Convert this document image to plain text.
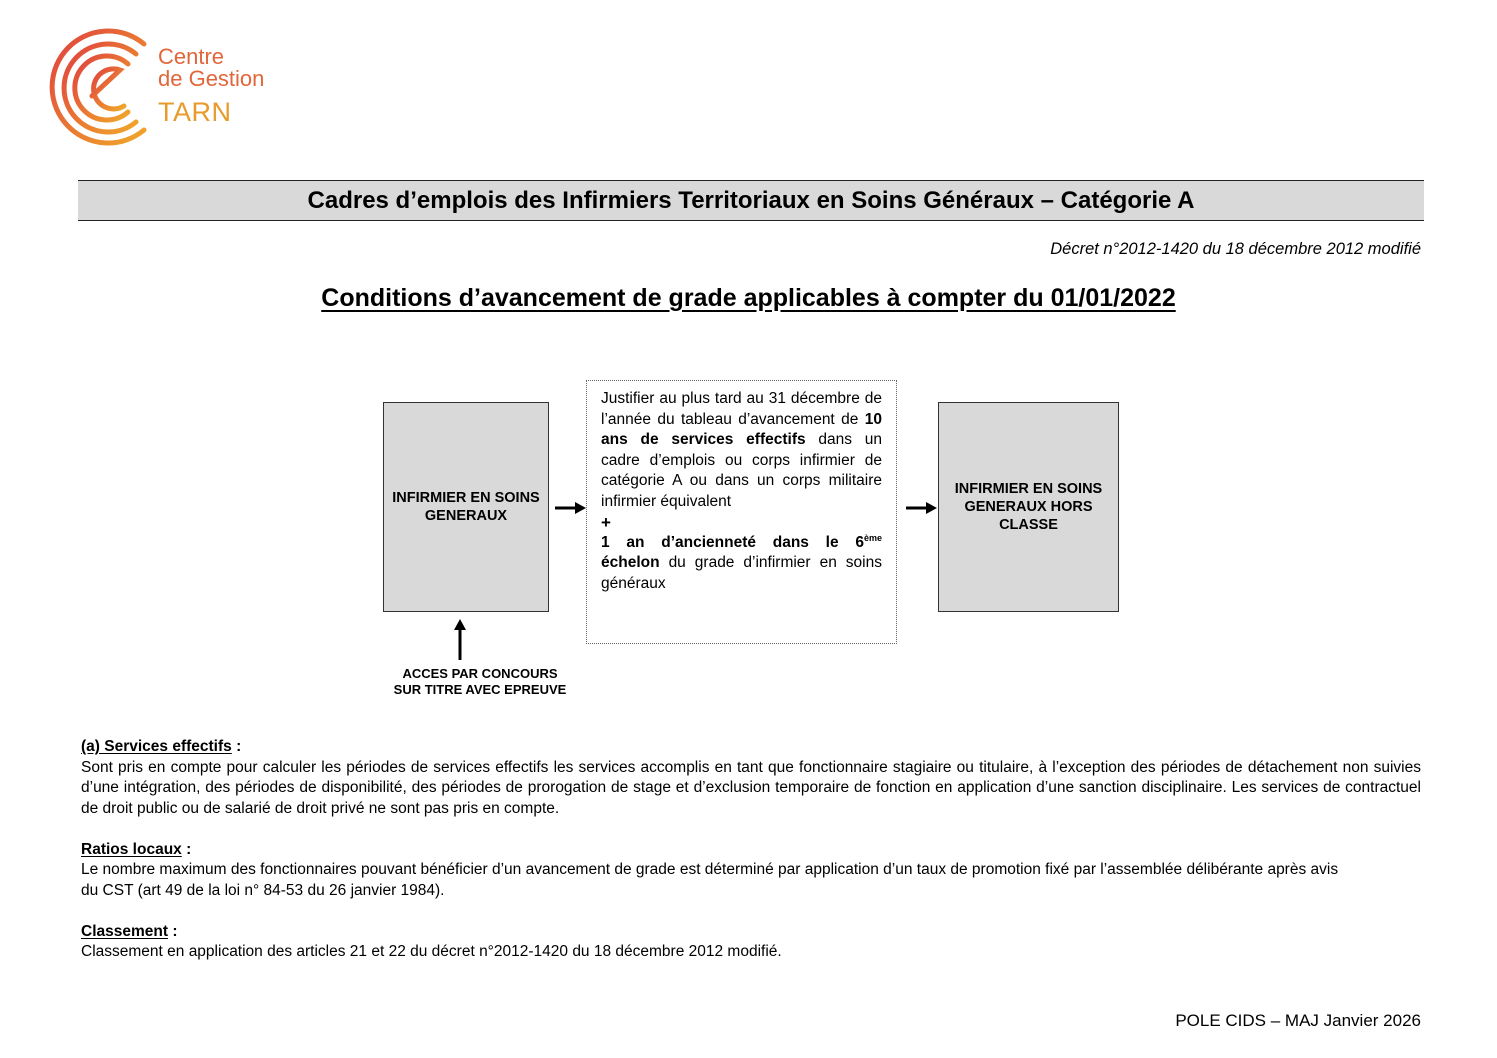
Centre
de Gestion
TARN
Cadres d’emplois des Infirmiers Territoriaux en Soins Généraux – Catégorie A
Décret n°2012-1420 du 18 décembre 2012 modifié
Conditions d’avancement de grade applicables à compter du 01/01/2022
INFIRMIER EN SOINS GENERAUX

Justifier au plus tard au 31 décembre de l’année du tableau d’avancement de 10 ans de services effectifs dans un cadre d’emplois ou corps infirmier de catégorie A ou dans un corps militaire infirmier équivalent

+

1 an d’ancienneté dans le 6ème échelon du grade d’infirmier en soins généraux

INFIRMIER EN SOINS GENERAUX HORS CLASSE
ACCES PAR CONCOURS
SUR TITRE AVEC EPREUVE
(a) Services effectifs :

Sont pris en compte pour calculer les périodes de services effectifs les services accomplis en tant que fonctionnaire stagiaire ou titulaire, à l’exception des périodes de détachement non suivies d’une intégration, des périodes de disponibilité, des périodes de prorogation de stage et d’exclusion temporaire de fonction en application d’une sanction disciplinaire. Les services de contractuel de droit public ou de salarié de droit privé ne sont pas pris en compte.

Ratios locaux :

Le nombre maximum des fonctionnaires pouvant bénéficier d’un avancement de grade est déterminé par application d’un taux de promotion fixé par l’assemblée délibérante après avis du CST (art 49 de la loi n° 84-53 du 26 janvier 1984).

Classement :

Classement en application des articles 21 et 22 du décret n°2012-1420 du 18 décembre 2012 modifié.

POLE CIDS – MAJ Janvier 2026
